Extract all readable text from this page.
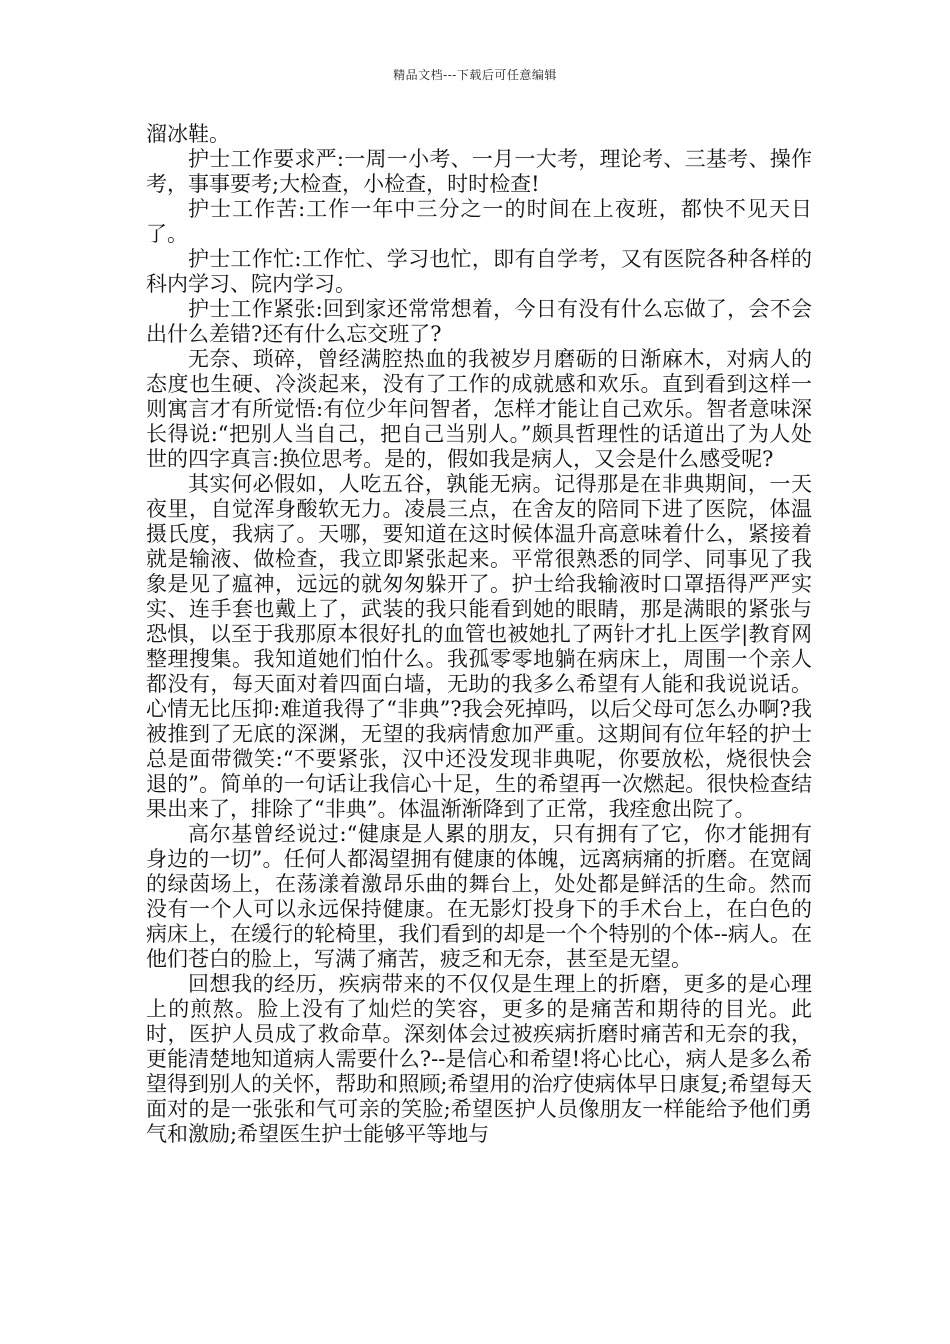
精品文档---下载后可任意编辑

溜冰鞋。

护士工作要求严:一周一小考、一月一大考，理论考、三基考、操作考，事事要考;大检查，小检查，时时检查!

护士工作苦:工作一年中三分之一的时间在上夜班，都快不见天日了。

护士工作忙:工作忙、学习也忙，即有自学考，又有医院各种各样的科内学习、院内学习。

护士工作紧张:回到家还常常想着，今日有没有什么忘做了，会不会出什么差错?还有什么忘交班了?

无奈、琐碎，曾经满腔热血的我被岁月磨砺的日渐麻木，对病人的态度也生硬、冷淡起来，没有了工作的成就感和欢乐。直到看到这样一则寓言才有所觉悟:有位少年问智者，怎样才能让自己欢乐。智者意味深长得说:“把别人当自己，把自己当别人。”颇具哲理性的话道出了为人处世的四字真言:换位思考。是的，假如我是病人，又会是什么感受呢?

其实何必假如，人吃五谷，孰能无病。记得那是在非典期间，一天夜里，自觉浑身酸软无力。凌晨三点，在舍友的陪同下进了医院，体温摄氏度，我病了。天哪，要知道在这时候体温升高意味着什么，紧接着就是输液、做检查，我立即紧张起来。平常很熟悉的同学、同事见了我象是见了瘟神，远远的就匆匆躲开了。护士给我输液时口罩捂得严严实实、连手套也戴上了，武装的我只能看到她的眼睛，那是满眼的紧张与恐惧，以至于我那原本很好扎的血管也被她扎了两针才扎上医学|教育网整理搜集。我知道她们怕什么。我孤零零地躺在病床上，周围一个亲人都没有，每天面对着四面白墙，无助的我多么希望有人能和我说说话。心情无比压抑:难道我得了“非典”?我会死掉吗，以后父母可怎么办啊?我被推到了无底的深渊，无望的我病情愈加严重。这期间有位年轻的护士总是面带微笑:“不要紧张，汉中还没发现非典呢，你要放松，烧很快会退的”。简单的一句话让我信心十足，生的希望再一次燃起。很快检查结果出来了，排除了“非典”。体温渐渐降到了正常，我痊愈出院了。

高尔基曾经说过:“健康是人累的朋友，只有拥有了它，你才能拥有身边的一切”。任何人都渴望拥有健康的体魄，远离病痛的折磨。在宽阔的绿茵场上，在荡漾着激昂乐曲的舞台上，处处都是鲜活的生命。然而没有一个人可以永远保持健康。在无影灯投身下的手术台上，在白色的病床上，在缓行的轮椅里，我们看到的却是一个个特别的个体--病人。在他们苍白的脸上，写满了痛苦，疲乏和无奈，甚至是无望。

回想我的经历，疾病带来的不仅仅是生理上的折磨，更多的是心理上的煎熬。脸上没有了灿烂的笑容，更多的是痛苦和期待的目光。此时，医护人员成了救命草。深刻体会过被疾病折磨时痛苦和无奈的我，更能清楚地知道病人需要什么?--是信心和希望!将心比心，病人是多么希望得到别人的关怀，帮助和照顾;希望用的治疗使病体早日康复;希望每天面对的是一张张和气可亲的笑脸;希望医护人员像朋友一样能给予他们勇气和激励;希望医生护士能够平等地与
